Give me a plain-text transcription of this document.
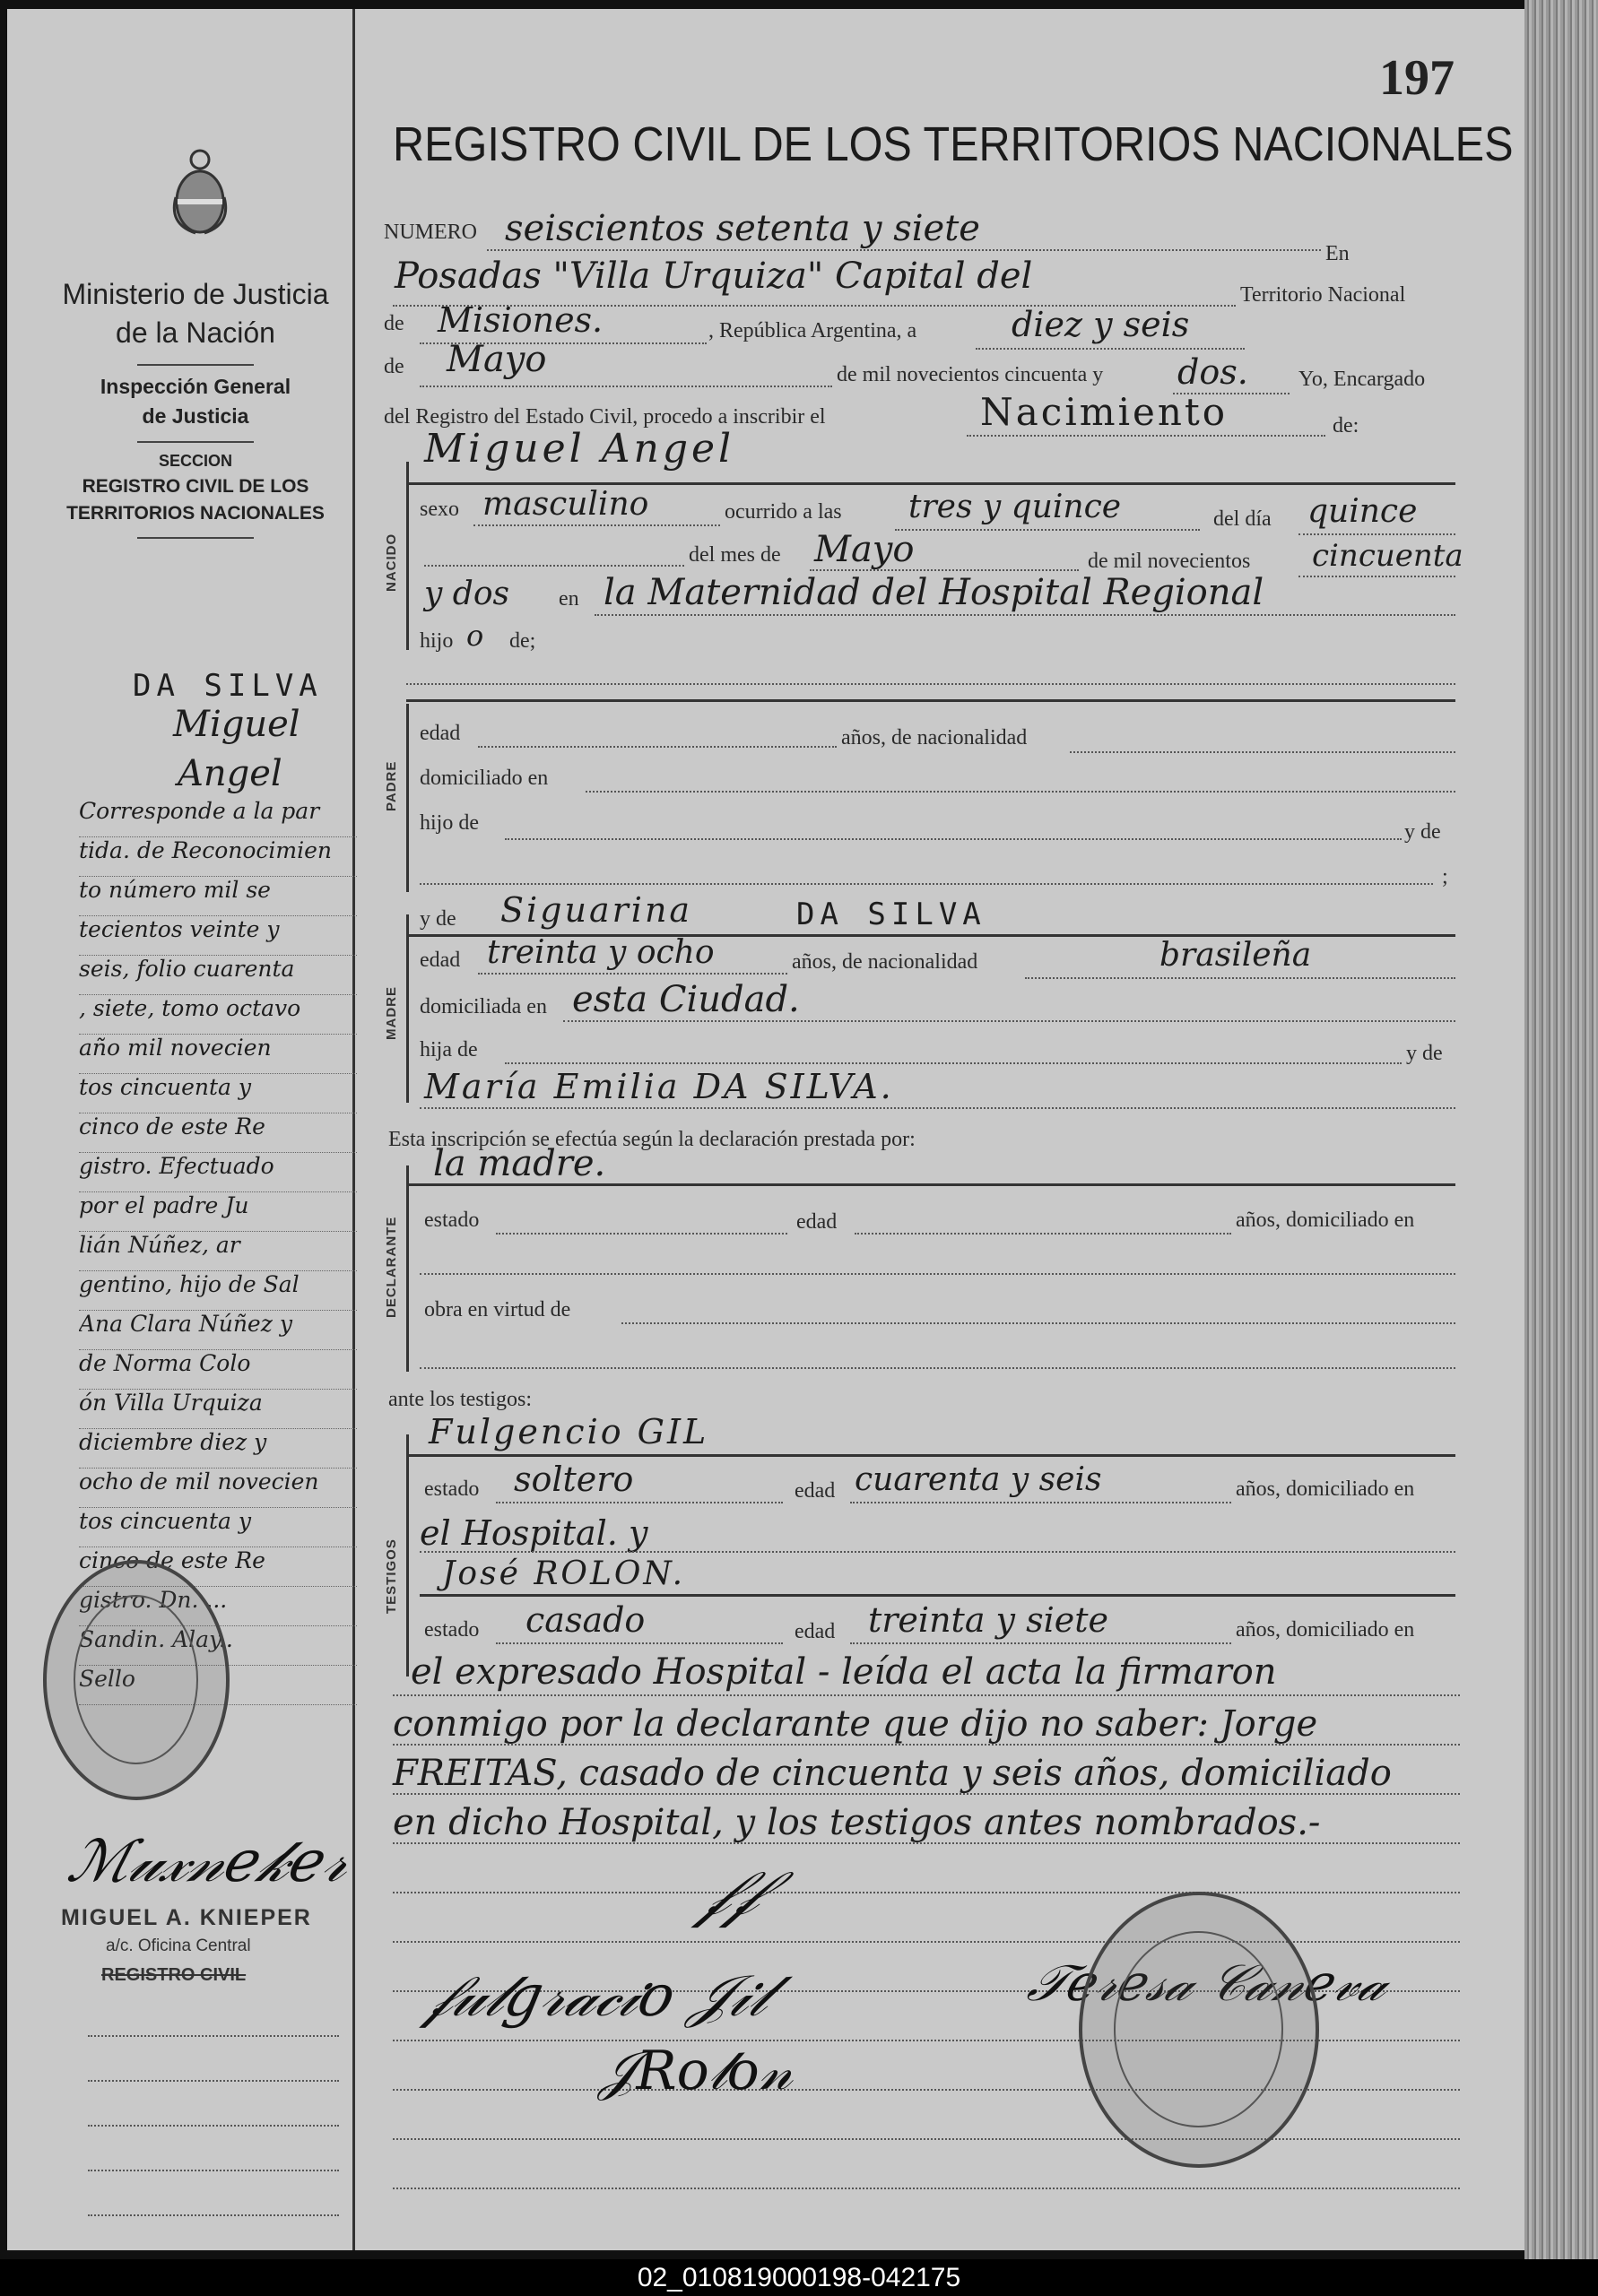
Ministerio de Justicia
de la Nación
Inspección General
de Justicia
SECCION
REGISTRO CIVIL DE LOS
TERRITORIOS NACIONALES
DA SILVA
Miguel
Angel
Corresponde a la par
tida. de Reconocimien
to número mil se
tecientos veinte y
seis, folio cuarenta
, siete, tomo octavo
año mil novecien
tos cincuenta y
cinco de este Re
gistro. Efectuado
por el padre Ju
lián Núñez, ar
gentino, hijo de Sal
Ana Clara Núñez y
de Norma Colo
ón Villa Urquiza
diciembre diez y
ocho de mil novecien
tos cincuenta y
cinco de este Re
gistro. Dn. ...
Sandin. Alay..
Sello
ℳ𝓊𝓍𝓃𝑒𝓀𝑒𝓇
MIGUEL A. KNIEPER
a/c. Oficina Central
REGISTRO CIVIL
197
REGISTRO CIVIL DE LOS TERRITORIOS NACIONALES
NUMERO seiscientos setenta y siete
En
Posadas "Villa Urquiza" Capital del	Territorio Nacional
de Misiones.	, República Argentina, a	diez y seis
de Mayo	de mil novecientos cincuenta y dos. Yo, Encargado
del Registro del Estado Civil, procedo a inscribir el	Nacimiento	de:
Miguel Angel
NACIDO
sexo masculino	ocurrido a las tres y quince	del día quince
del mes de Mayo	de mil novecientos cincuenta
y dos en la Maternidad del Hospital Regional
hijo o de;
PADRE
edad	años, de nacionalidad
domiciliado en
hijo de	y de
;
y de Siguarina	DA SILVA
MADRE
edad treinta y ocho	años, de nacionalidad	brasileña
domiciliada en esta Ciudad.
hija de	y de
María Emilia DA SILVA.
Esta inscripción se efectúa según la declaración prestada por:
la madre.
DECLARANTE estado	edad	años, domiciliado en
obra en virtud de
ante los testigos:
Fulgencio GIL
TESTIGOS
estado soltero	edad cuarenta y seis	años, domiciliado en
el Hospital. y
José ROLON.
estado casado	edad treinta y siete	años, domiciliado en
el expresado Hospital - leída el acta la firmaron
conmigo por la declarante que dijo no saber: Jorge
FREITAS, casado de cincuenta y seis años, domiciliado
en dicho Hospital, y los testigos antes nombrados.-
𝒻𝒻
𝒻𝓊𝓁𝑔𝓇𝒶𝒸𝒾𝑜 𝒥𝒾𝓁
𝒥𝑅𝑜𝓁𝑜𝓃
𝒯𝑒𝓇𝑒𝓈𝒶 𝒞𝒶𝓃𝑒𝓋𝒶
02_010819000198-042175
